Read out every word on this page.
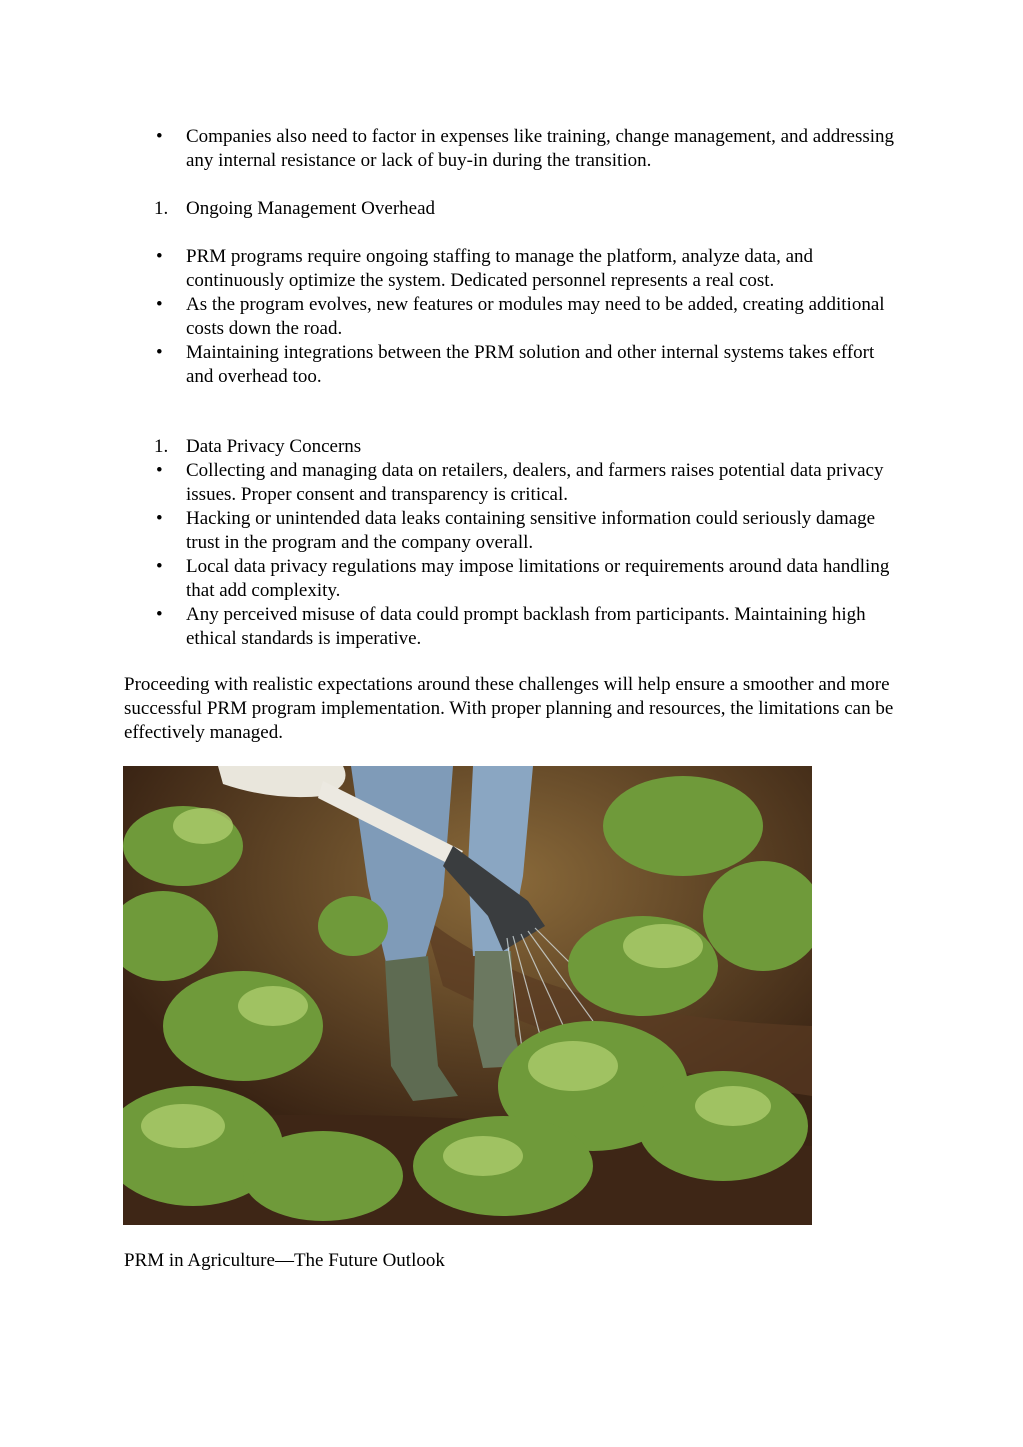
• Companies also need to factor in expenses like training, change management, and addressing any internal resistance or lack of buy-in during the transition.
1. Ongoing Management Overhead
• PRM programs require ongoing staffing to manage the platform, analyze data, and continuously optimize the system. Dedicated personnel represents a real cost.
• As the program evolves, new features or modules may need to be added, creating additional costs down the road.
• Maintaining integrations between the PRM solution and other internal systems takes effort and overhead too.
1. Data Privacy Concerns
• Collecting and managing data on retailers, dealers, and farmers raises potential data privacy issues. Proper consent and transparency is critical.
• Hacking or unintended data leaks containing sensitive information could seriously damage trust in the program and the company overall.
• Local data privacy regulations may impose limitations or requirements around data handling that add complexity.
• Any perceived misuse of data could prompt backlash from participants. Maintaining high ethical standards is imperative.

Proceeding with realistic expectations around these challenges will help ensure a smoother and more successful PRM program implementation. With proper planning and resources, the limitations can be effectively managed.

PRM in Agriculture—The Future Outlook
